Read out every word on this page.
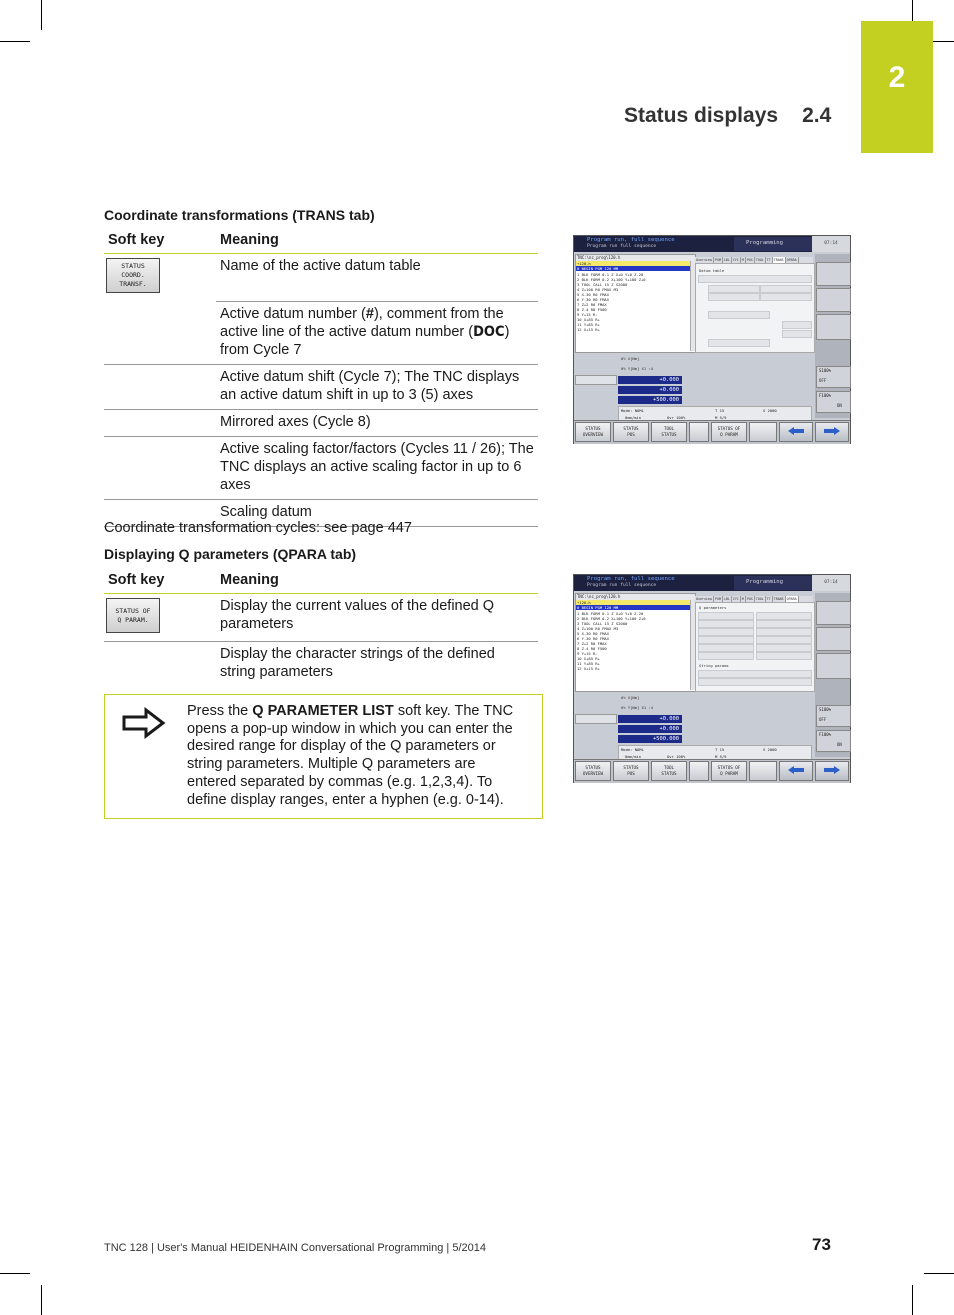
2
Status displays 2.4
Coordinate transformations (TRANS tab)
Soft key	Meaning

STATUS
COORD.
TRANSF.	Name of the active datum table
	Active datum number (#), comment from the active line of the active datum number (DOC) from Cycle 7
	Active datum shift (Cycle 7); The TNC displays an active datum shift in up to 3 (5) axes
	Mirrored axes (Cycle 8)
	Active scaling factor/factors (Cycles 11 / 26); The TNC displays an active scaling factor in up to 6 axes
	Scaling datum
Coordinate transformation cycles: see page 447
Displaying Q parameters (QPARA tab)
Soft key	Meaning

STATUS OF
Q PARAM.	Display the current values of the defined Q parameters
	Display the character strings of the defined string parameters
Press the Q PARAMETER LIST soft key. The TNC opens a pop-up window in which you can enter the desired range for display of the Q parameters or string parameters. Multiple Q parameters are entered separated by commas (e.g. 1,2,3,4). To define display ranges, enter a hyphen (e.g. 0-14).
Program run, full sequence
Program run full sequence
Programming	07:14
TNC:\nc_prog\120.h
→120.h
0 BEGIN PGM 120 MM
1 BLK FORM 0.1 Z X+0 Y+0 Z-20
2 BLK FORM 0.2 X+100 Y+100 Z+0
3 TOOL CALL 15 Z S2000
4 Z+100 R0 FMAX M3
5 X-30 R0 FMAX
6 Y-30 R0 FMAX
7 Z+2 R0 FMAX
8 Z-4 R0 F500
9 Y+15 R-
10 X+85 R+
11 Y+85 R+
12 X+15 R+
Overview PGM LBL CYC M POS TOOL TT TRANS QPARA
Datum table
0% X[Nm]
0% Y[Nm] S1 :4
+0.000
+0.000
+500.000
Mode: NOML	T 15	S 2000
0mm/min	Ovr 100%	M 5/9
S100%
OFF
F100%
ON
STATUS
OVERVIEW
STATUS
POS
TOOL
STATUS
STATUS OF
Q PARAM
Program run, full sequence
Program run full sequence
Programming	07:14
TNC:\nc_prog\120.h
→120.h
0 BEGIN PGM 120 MM
1 BLK FORM 0.1 Z X+0 Y+0 Z-20
2 BLK FORM 0.2 X+100 Y+100 Z+0
3 TOOL CALL 15 Z S2000
4 Z+100 R0 FMAX M3
5 X-30 R0 FMAX
6 Y-30 R0 FMAX
7 Z+2 R0 FMAX
8 Z-4 R0 F500
9 Y+15 R-
10 X+85 R+
11 Y+85 R+
12 X+15 R+
Overview PGM LBL CYC M POS TOOL TT TRANS QPARA
Q parameters
String params
0% X[Nm]
0% Y[Nm] S1 :4
+0.000
+0.000
+500.000
Mode: NOML	T 15	S 2000
0mm/min	Ovr 100%	M 5/9
S100%
OFF
F100%
ON
STATUS
OVERVIEW
STATUS
POS
TOOL
STATUS
STATUS OF
Q PARAM
TNC 128 | User's Manual HEIDENHAIN Conversational Programming | 5/2014	73
